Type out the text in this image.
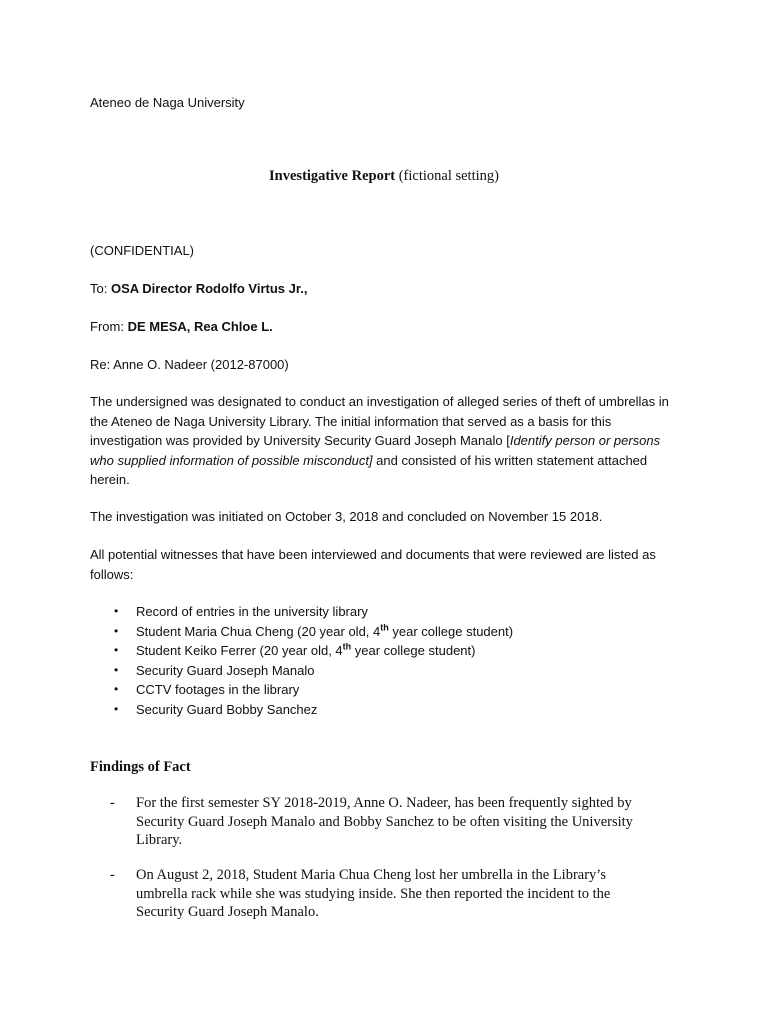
Ateneo de Naga University

Investigative Report (fictional setting)

(CONFIDENTIAL)

To: OSA Director Rodolfo Virtus Jr.,

From: DE MESA, Rea Chloe L.

Re: Anne O. Nadeer (2012-87000)

The undersigned was designated to conduct an investigation of alleged series of theft of umbrellas in the Ateneo de Naga University Library. The initial information that served as a basis for this investigation was provided by University Security Guard Joseph Manalo [Identify person or persons who supplied information of possible misconduct] and consisted of his written statement attached herein.

The investigation was initiated on October 3, 2018 and concluded on November 15 2018.

All potential witnesses that have been interviewed and documents that were reviewed are listed as follows:

• Record of entries in the university library
• Student Maria Chua Cheng (20 year old, 4th year college student)
• Student Keiko Ferrer (20 year old, 4th year college student)
• Security Guard Joseph Manalo
• CCTV footages in the library
• Security Guard Bobby Sanchez

Findings of Fact

-	For the first semester SY 2018-2019, Anne O. Nadeer, has been frequently sighted by Security Guard Joseph Manalo and Bobby Sanchez to be often visiting the University Library.
-	On August 2, 2018, Student Maria Chua Cheng lost her umbrella in the Library’s umbrella rack while she was studying inside. She then reported the incident to the Security Guard Joseph Manalo.
